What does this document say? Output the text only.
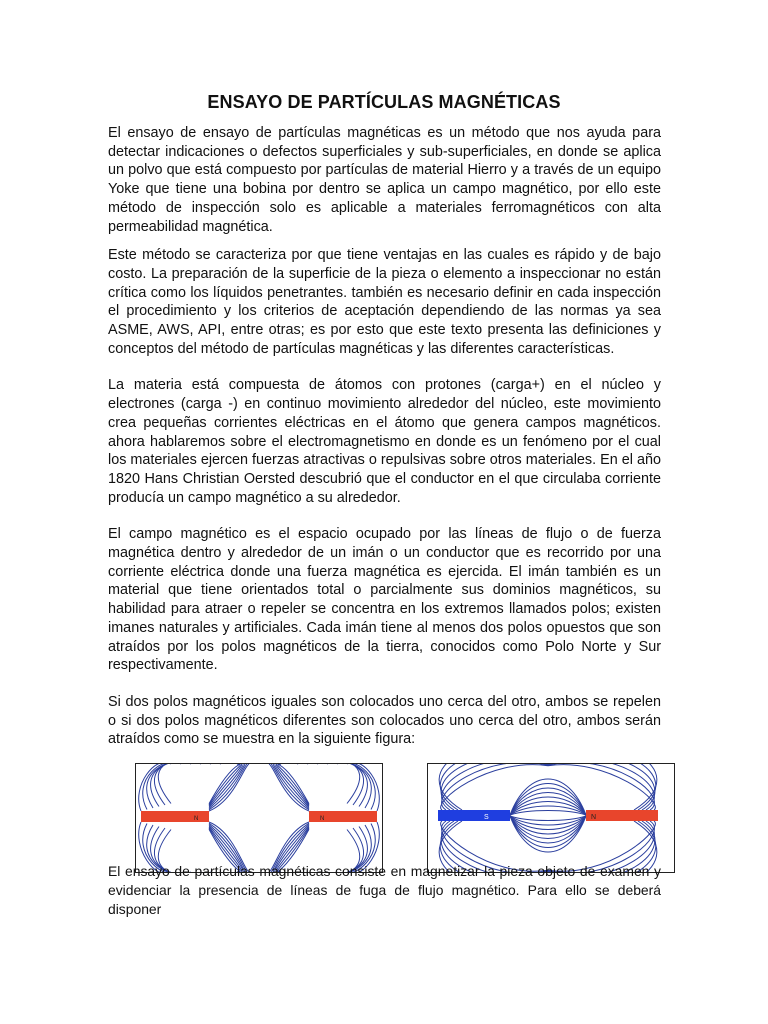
ENSAYO DE PARTÍCULAS MAGNÉTICAS

El ensayo de ensayo de partículas magnéticas es un método que nos ayuda para detectar indicaciones o defectos superficiales y sub-superficiales, en donde se aplica un polvo que está compuesto por partículas de material Hierro y a través de un equipo Yoke que tiene una bobina por dentro se aplica un campo magnético, por ello este método de inspección solo es aplicable a materiales ferromagnéticos con alta permeabilidad magnética.

Este método se caracteriza por que tiene ventajas en las cuales es rápido y de bajo costo. La preparación de la superficie de la pieza o elemento a inspeccionar no están crítica como los líquidos penetrantes. también es necesario definir en cada inspección el procedimiento y los criterios de aceptación dependiendo de las normas ya sea ASME, AWS, API, entre otras; es por esto que este texto presenta las definiciones y conceptos del método de partículas magnéticas y las diferentes características.

La materia está compuesta de átomos con protones (carga+) en el núcleo y electrones (carga -) en continuo movimiento alrededor del núcleo, este movimiento crea pequeñas corrientes eléctricas en el átomo que genera campos magnéticos. ahora hablaremos sobre el electromagnetismo en donde es un fenómeno por el cual los materiales ejercen fuerzas atractivas o repulsivas sobre otros materiales. En el año 1820 Hans Christian Oersted descubrió que el conductor en el que circulaba corriente producía un campo magnético a su alrededor.

El campo magnético es el espacio ocupado por las líneas de flujo o de fuerza magnética dentro y alrededor de un imán o un conductor que es recorrido por una corriente eléctrica donde una fuerza magnética es ejercida. El imán también es un material que tiene orientados total o parcialmente sus dominios magnéticos, su habilidad para atraer o repeler se concentra en los extremos llamados polos; existen imanes naturales y artificiales. Cada imán tiene al menos dos polos opuestos que son atraídos por los polos magnéticos de la tierra, conocidos como Polo Norte y Sur respectivamente.

Si dos polos magnéticos iguales son colocados uno cerca del otro, ambos se repelen o si dos polos magnéticos diferentes son colocados uno cerca del otro, ambos serán atraídos como se muestra en la siguiente figura:

N	N	S	N

El ensayo de partículas magnéticas consiste en magnetizar la pieza objeto de examen y evidenciar la presencia de líneas de fuga de flujo magnético. Para ello se deberá disponer
